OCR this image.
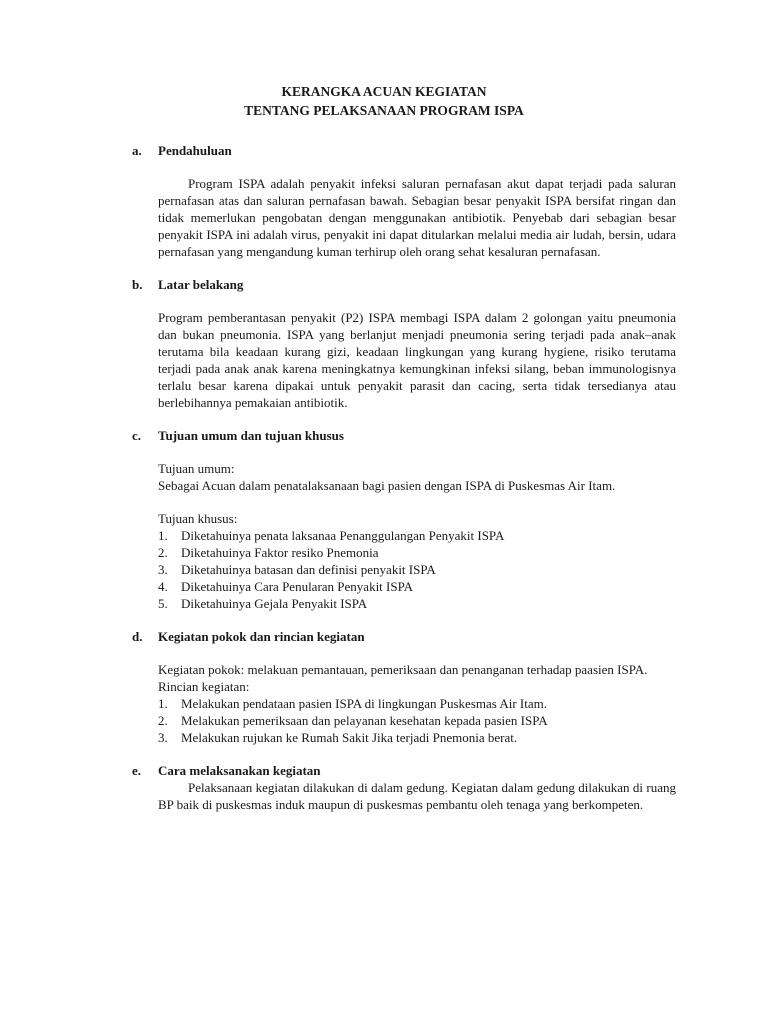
KERANGKA ACUAN KEGIATAN
TENTANG PELAKSANAAN PROGRAM ISPA
a.	Pendahuluan

Program ISPA adalah penyakit infeksi saluran pernafasan akut dapat terjadi pada saluran pernafasan atas dan saluran pernafasan bawah. Sebagian besar penyakit ISPA bersifat ringan dan tidak memerlukan pengobatan dengan menggunakan antibiotik. Penyebab dari sebagian besar penyakit ISPA ini adalah virus, penyakit ini dapat ditularkan melalui media air ludah, bersin, udara pernafasan yang mengandung kuman terhirup oleh orang sehat kesaluran pernafasan.

b.	Latar belakang

Program pemberantasan penyakit (P2) ISPA membagi ISPA dalam 2 golongan yaitu pneumonia dan bukan pneumonia. ISPA yang berlanjut menjadi pneumonia sering terjadi pada anak–anak terutama bila keadaan kurang gizi, keadaan lingkungan yang kurang hygiene, risiko terutama terjadi pada anak anak karena meningkatnya kemungkinan infeksi silang, beban immunologisnya terlalu besar karena dipakai untuk penyakit parasit dan cacing, serta tidak tersedianya atau berlebihannya pemakaian antibiotik.

c.	Tujuan umum dan tujuan khusus

Tujuan umum:

Sebagai Acuan dalam penatalaksanaan bagi pasien dengan ISPA di Puskesmas Air Itam.

Tujuan khusus:

1.	Diketahuinya penata laksanaa Penanggulangan Penyakit ISPA
2.	Diketahuinya Faktor resiko Pnemonia
3.	Diketahuinya batasan dan definisi penyakit ISPA
4.	Diketahuinya Cara Penularan Penyakit ISPA
5.	Diketahuinya Gejala Penyakit ISPA
d.	Kegiatan pokok dan rincian kegiatan

Kegiatan pokok: melakuan pemantauan, pemeriksaan dan penanganan terhadap paasien ISPA.

Rincian kegiatan:

1.	Melakukan pendataan pasien ISPA di lingkungan Puskesmas Air Itam.
2.	Melakukan pemeriksaan dan pelayanan kesehatan kepada pasien ISPA
3.	Melakukan rujukan ke Rumah Sakit Jika terjadi Pnemonia berat.
e.	Cara melaksanakan kegiatan

Pelaksanaan kegiatan dilakukan di dalam gedung. Kegiatan dalam gedung dilakukan di ruang BP baik di puskesmas induk maupun di puskesmas pembantu oleh tenaga yang berkompeten.
